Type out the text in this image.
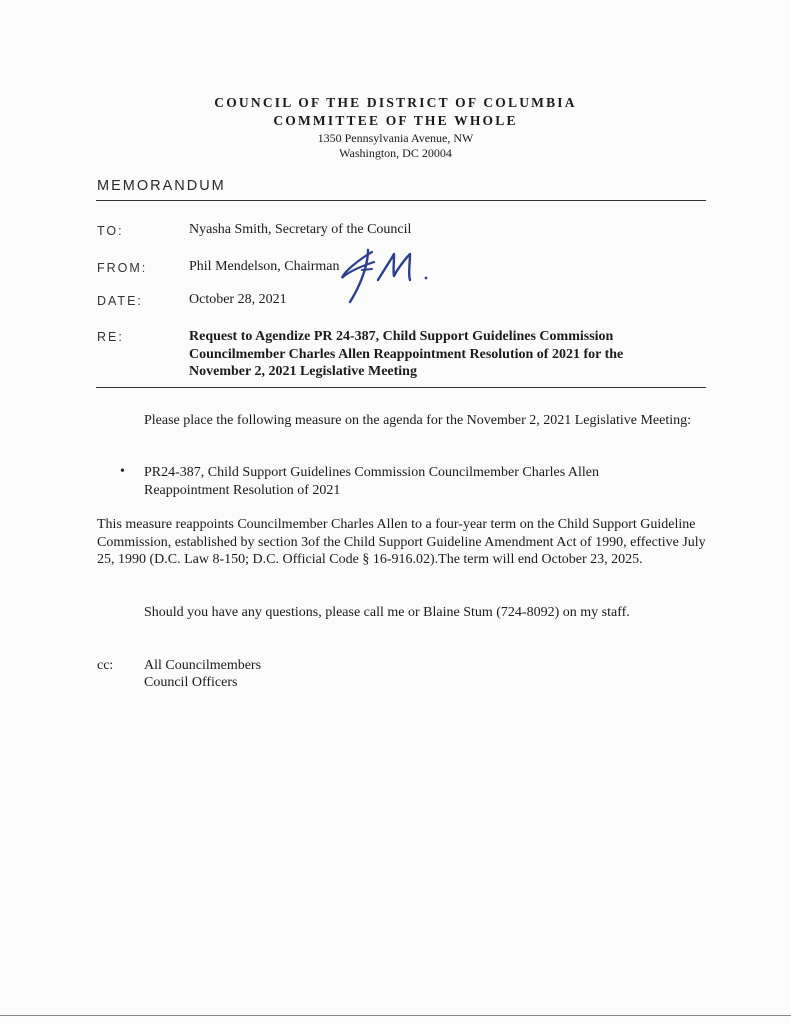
COUNCIL OF THE DISTRICT OF COLUMBIA
COMMITTEE OF THE WHOLE
1350 Pennsylvania Avenue, NW
Washington, DC 20004
MEMORANDUM
TO:	Nyasha Smith, Secretary of the Council
FROM:	Phil Mendelson, Chairman
DATE:	October 28, 2021
RE:	Request to Agendize PR 24-387, Child Support Guidelines Commission Councilmember Charles Allen Reappointment Resolution of 2021 for the November 2, 2021 Legislative Meeting
Please place the following measure on the agenda for the November 2, 2021 Legislative Meeting:
• PR24-387, Child Support Guidelines Commission Councilmember Charles Allen Reappointment Resolution of 2021
This measure reappoints Councilmember Charles Allen to a four-year term on the Child Support Guideline Commission, established by section 3of the Child Support Guideline Amendment Act of 1990, effective July 25, 1990 (D.C. Law 8-150; D.C. Official Code § 16-916.02).The term will end October 23, 2025.
Should you have any questions, please call me or Blaine Stum (724-8092) on my staff.
cc: All Councilmembers
Council Officers
